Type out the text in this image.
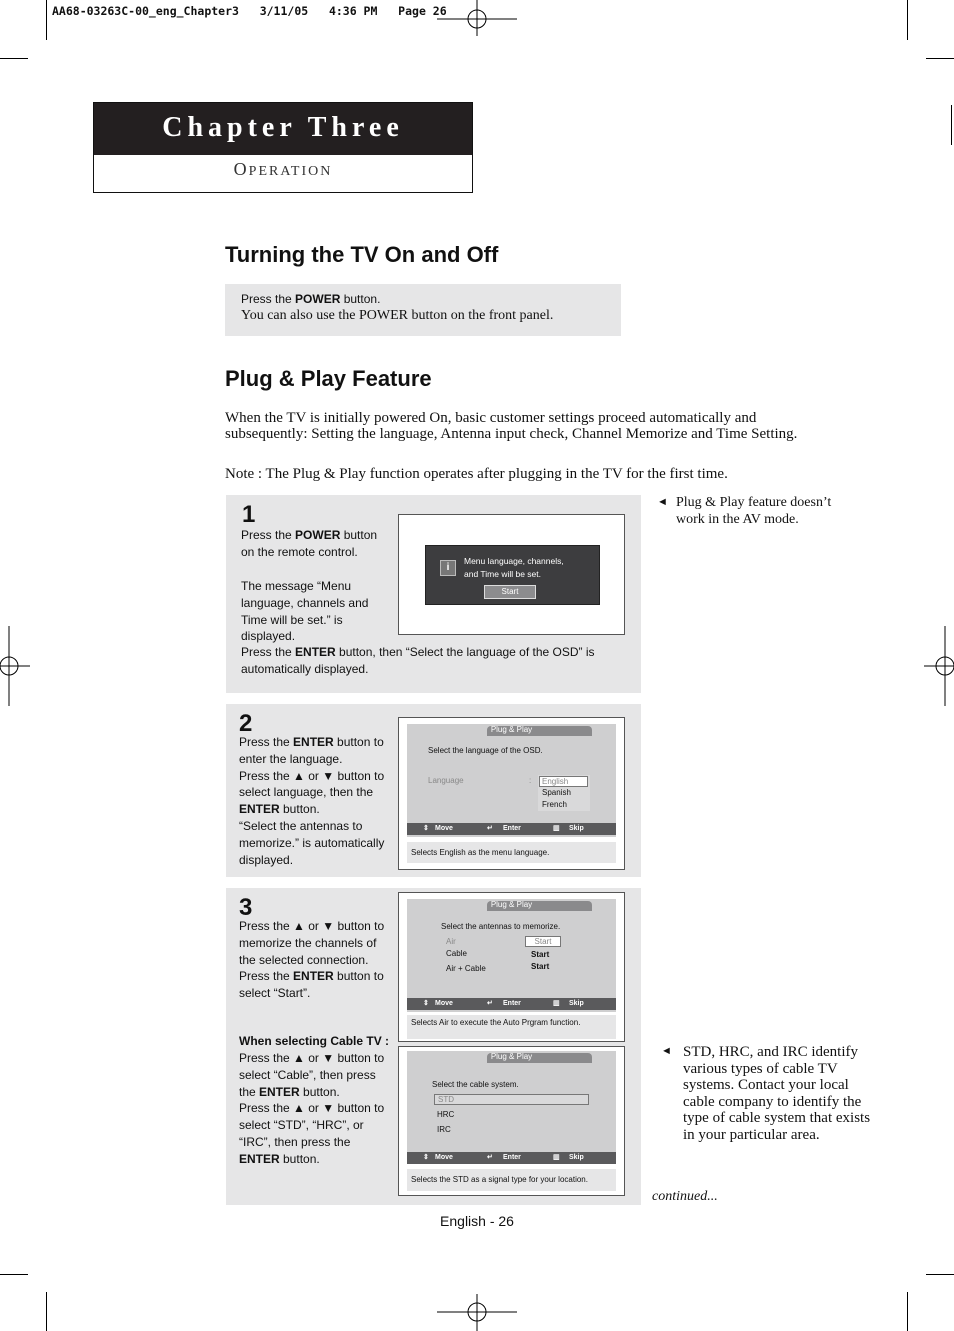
AA68-03263C-00_eng_Chapter3   3/11/05   4:36 PM   Page 26
Chapter Three
OPERATION
Turning the TV On and Off
Press the POWER button.
You can also use the POWER button on the front panel.
Plug & Play Feature
When the TV is initially powered On, basic customer settings proceed automatically and subsequently: Setting the language, Antenna input check, Channel Memorize and Time Setting.
Note : The Plug & Play function operates after plugging in the TV for the first time.
1
Press the POWER button on the remote control.
The message “Menu language, channels and Time will be set.” is displayed.
Press the ENTER button, then “Select the language of the OSD” is automatically displayed.
i
Menu language, channels,
and Time will be set.
Start
2
Press the ENTER button to enter the language.
Press the ▲ or ▼ button to select language, then the ENTER button.
“Select the antennas to memorize.” is automatically displayed.
Plug & Play
Select the language of the OSD.
Language	:	English
Spanish
French
⇕ Move	↵ Enter	▥ Skip
Selects English as the menu language.
3
Press the ▲ or ▼ button to memorize the channels of the selected connection. Press the ENTER button to select “Start”.
When selecting Cable TV :
Press the ▲ or ▼ button to select “Cable”, then press the ENTER button.
Press the ▲ or ▼ button to select “STD”, “HRC”, or “IRC”, then press the ENTER button.
Plug & Play
Select the antennas to memorize.
Air
Cable
Air + Cable
Start
Start
Start
⇕ Move	↵ Enter	▥ Skip
Selects Air to execute the Auto Prgram function.
Plug & Play
Select the cable system.
STD
HRC
IRC
⇕ Move	↵ Enter	▥ Skip
Selects the STD as a signal type for your location.
◄ Plug & Play feature doesn’t work in the AV mode.
◄ STD, HRC, and IRC identify various types of cable TV systems. Contact your local cable company to identify the type of cable system that exists in your particular area.
continued...
English - 26
